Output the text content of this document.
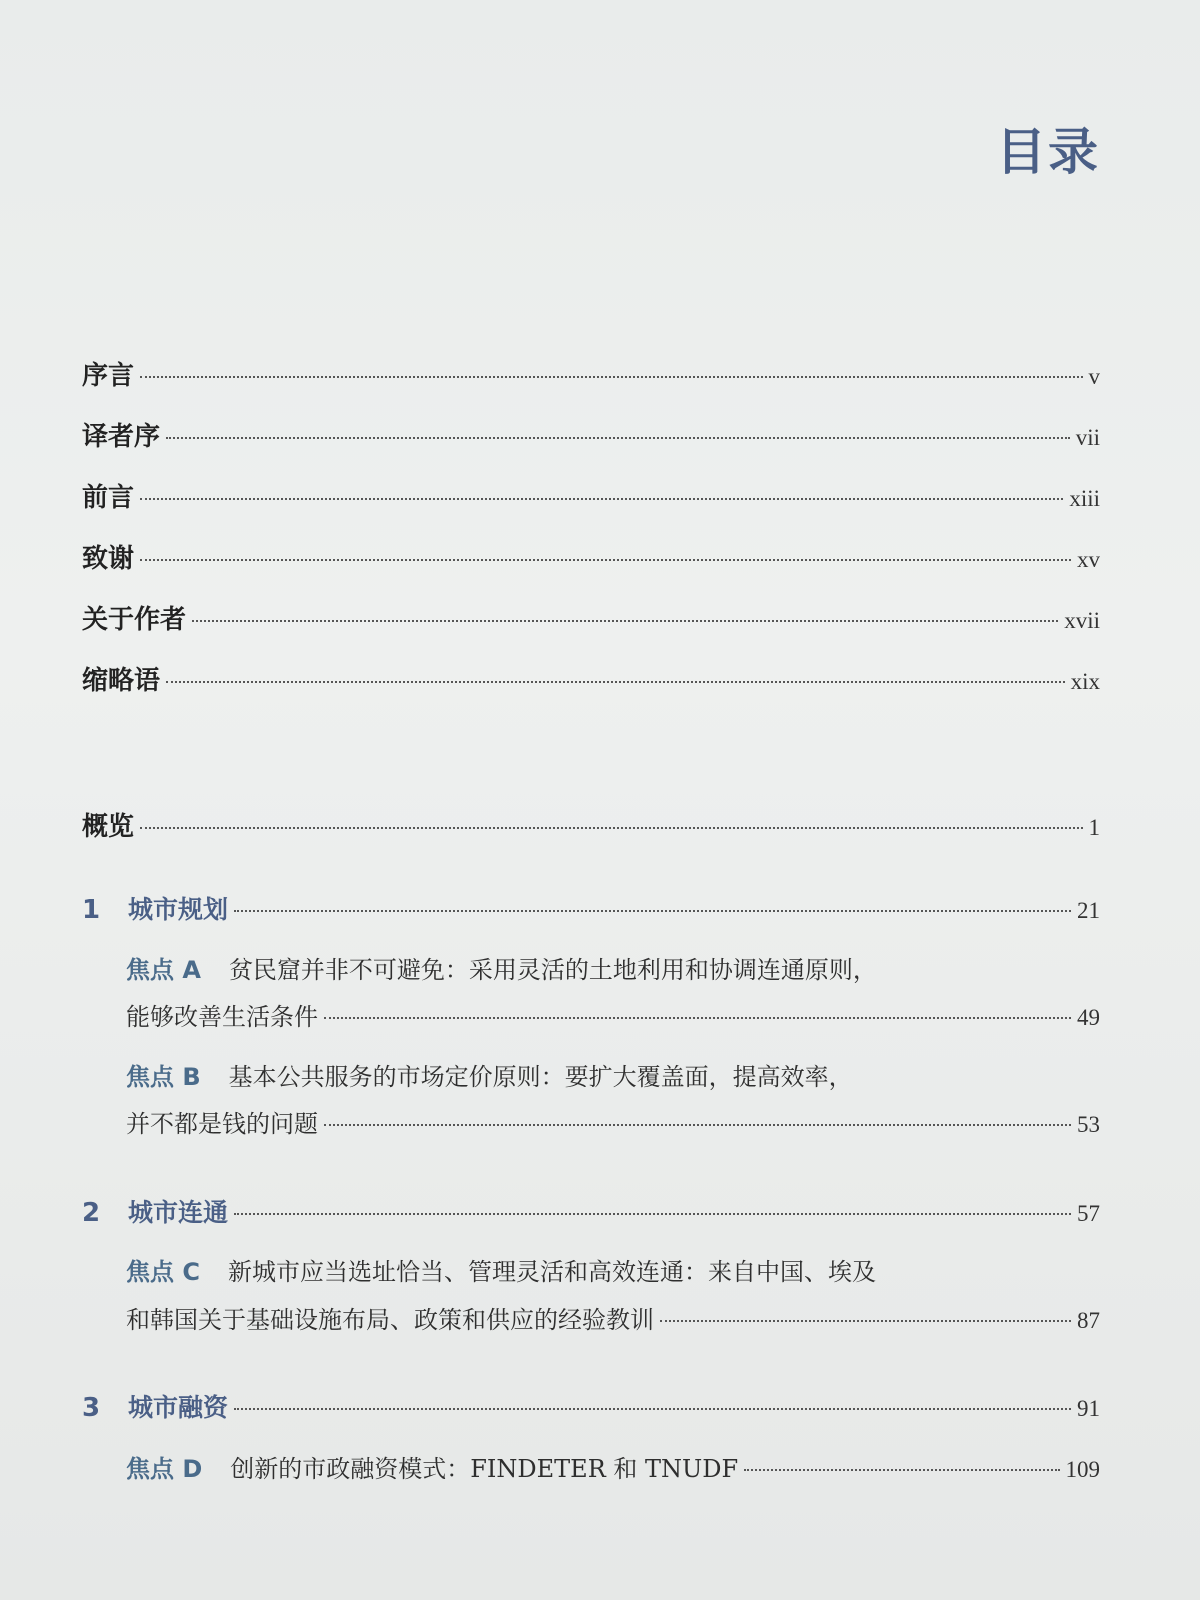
目录
序言	v
译者序	vii
前言	xiii
致谢	xv
关于作者	xvii
缩略语	xix
概览	1
1	城市规划	21
焦点 A 贫民窟并非不可避免：采用灵活的土地利用和协调连通原则，
能够改善生活条件	49
焦点 B 基本公共服务的市场定价原则：要扩大覆盖面，提高效率，
并不都是钱的问题	53
2	城市连通	57
焦点 C 新城市应当选址恰当、管理灵活和高效连通：来自中国、埃及
和韩国关于基础设施布局、政策和供应的经验教训	87
3	城市融资	91
焦点 D 创新的市政融资模式：FINDETER 和 TNUDF	109
